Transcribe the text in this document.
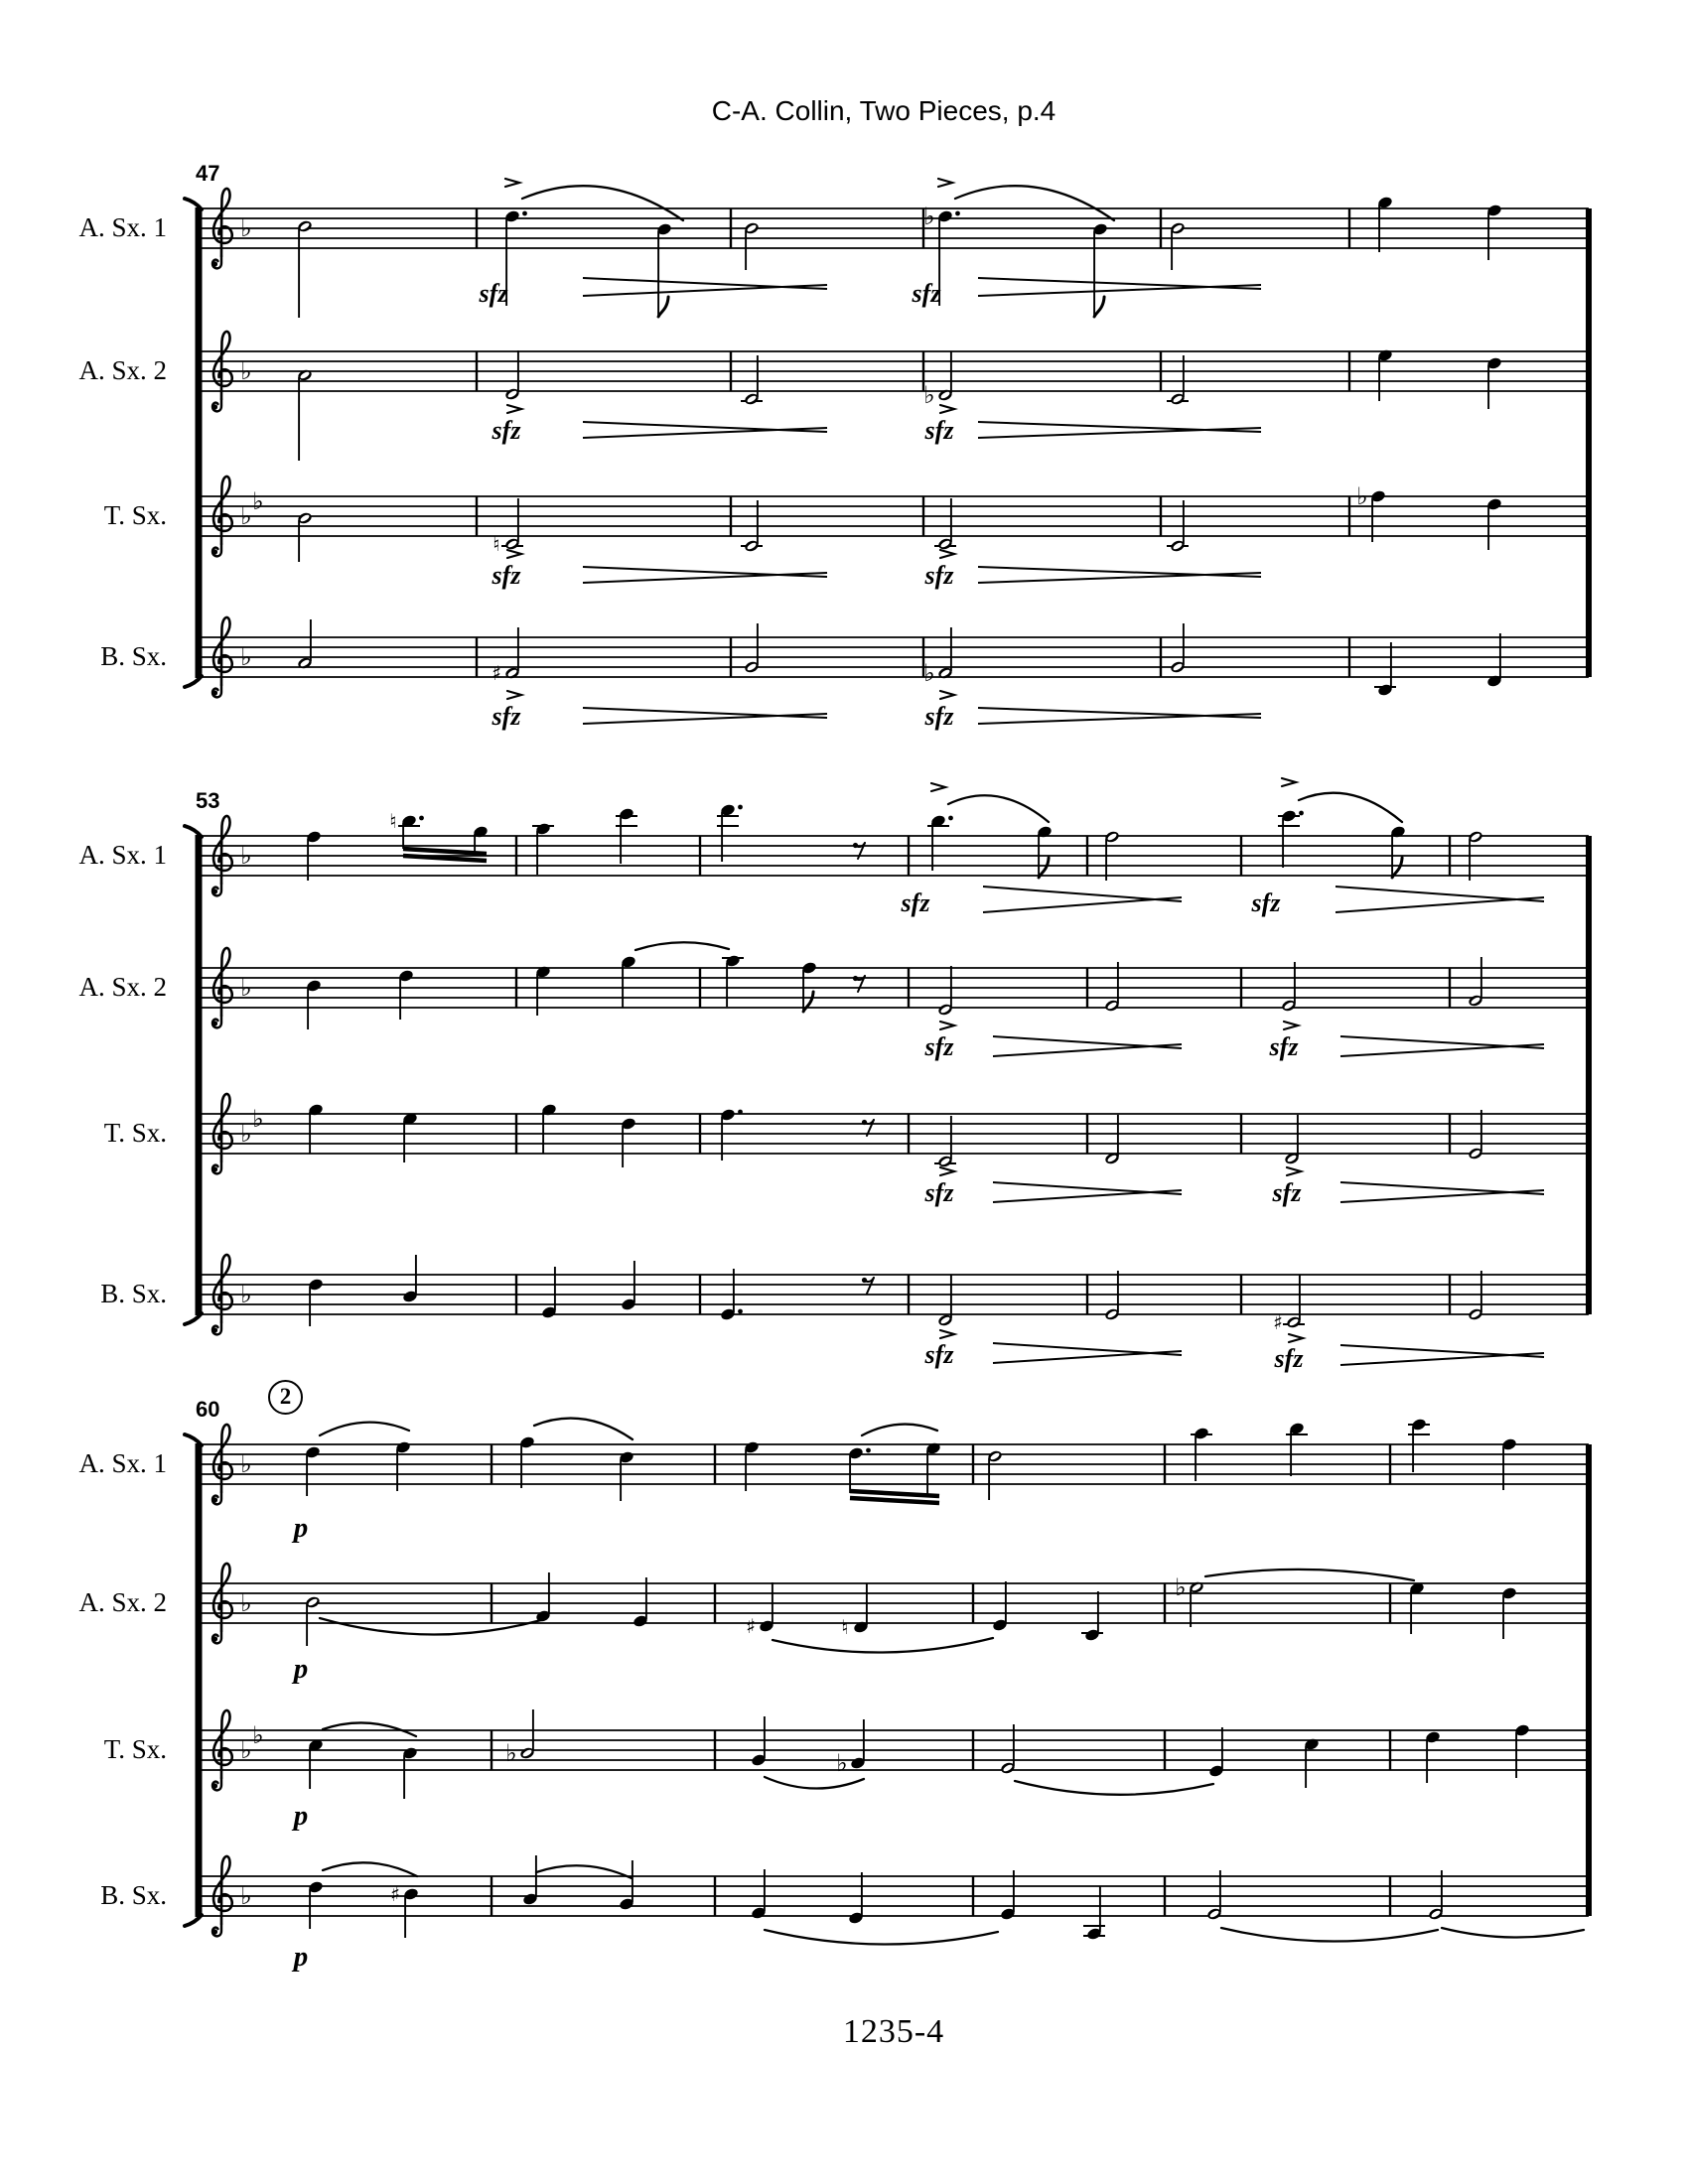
C-A. Collin, Two Pieces, p.4
♭
♭
♭
♭
♭
♭
sfz	sfz
♭
sfz	sfz
♮
♭
sfz	sfz
♯	♭
sfz	sfz
♭
♭
♭
♭
♭
♮
sfz	sfz
sfz	sfz
sfz	sfz
♯
sfz	sfz
♭
♭
♭
♭
♭
p
♯	♮
♭
p
♭	♭
p
♯
p
A. Sx. 1
A. Sx. 2
T. Sx.
B. Sx.
47
A. Sx. 1
A. Sx. 2
T. Sx.
B. Sx.
53
A. Sx. 1
A. Sx. 2
T. Sx.
B. Sx.
60
2
1235-4
